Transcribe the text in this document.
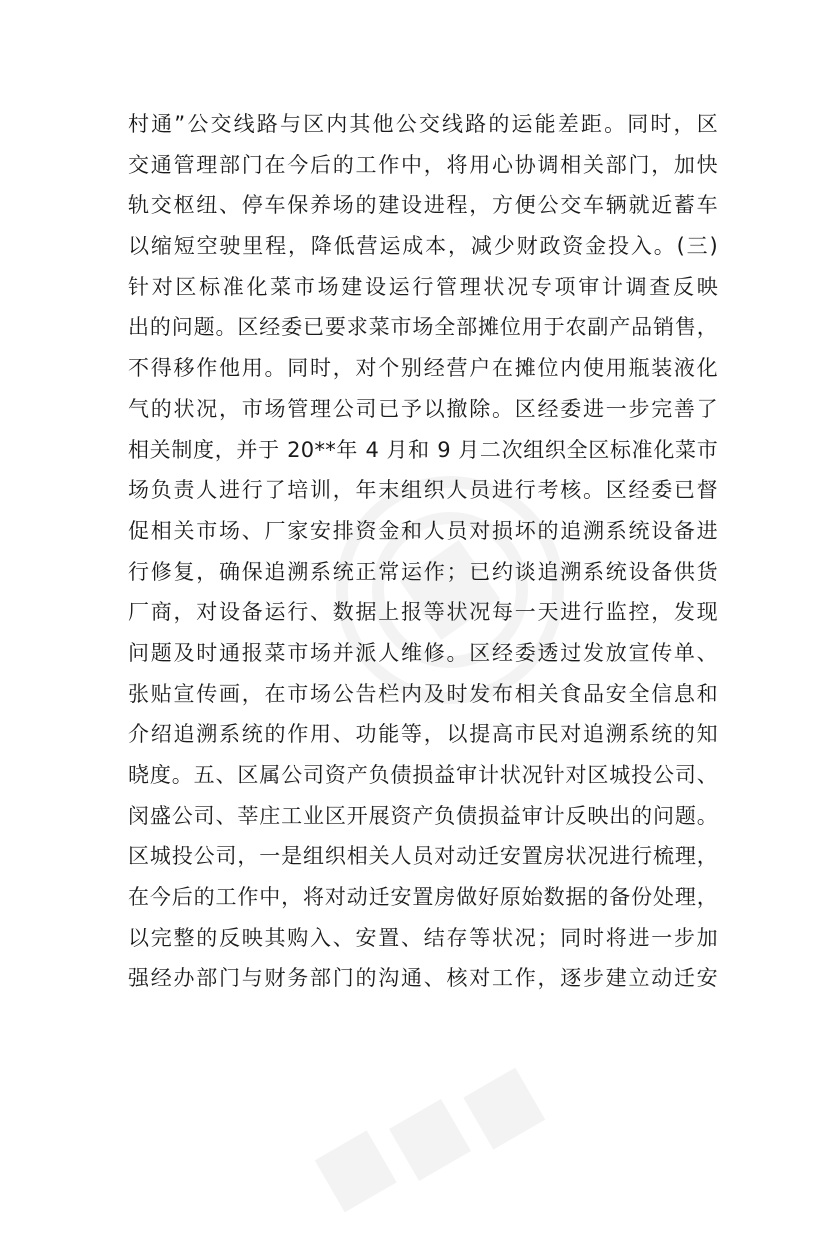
村通”公交线路与区内其他公交线路的运能差距。同时，区
交通管理部门在今后的工作中，将用心协调相关部门，加快
轨交枢纽、停车保养场的建设进程，方便公交车辆就近蓄车
以缩短空驶里程，降低营运成本，减少财政资金投入。(三)
针对区标准化菜市场建设运行管理状况专项审计调查反映
出的问题。区经委已要求菜市场全部摊位用于农副产品销售，
不得移作他用。同时，对个别经营户在摊位内使用瓶装液化
气的状况，市场管理公司已予以撤除。区经委进一步完善了
相关制度，并于 20**年 4 月和 9 月二次组织全区标准化菜市
场负责人进行了培训，年末组织人员进行考核。区经委已督
促相关市场、厂家安排资金和人员对损坏的追溯系统设备进
行修复，确保追溯系统正常运作；已约谈追溯系统设备供货
厂商，对设备运行、数据上报等状况每一天进行监控，发现
问题及时通报菜市场并派人维修。区经委透过发放宣传单、
张贴宣传画，在市场公告栏内及时发布相关食品安全信息和
介绍追溯系统的作用、功能等，以提高市民对追溯系统的知
晓度。五、区属公司资产负债损益审计状况针对区城投公司、
闵盛公司、莘庄工业区开展资产负债损益审计反映出的问题。
区城投公司，一是组织相关人员对动迁安置房状况进行梳理，
在今后的工作中，将对动迁安置房做好原始数据的备份处理，
以完整的反映其购入、安置、结存等状况；同时将进一步加
强经办部门与财务部门的沟通、核对工作，逐步建立动迁安
